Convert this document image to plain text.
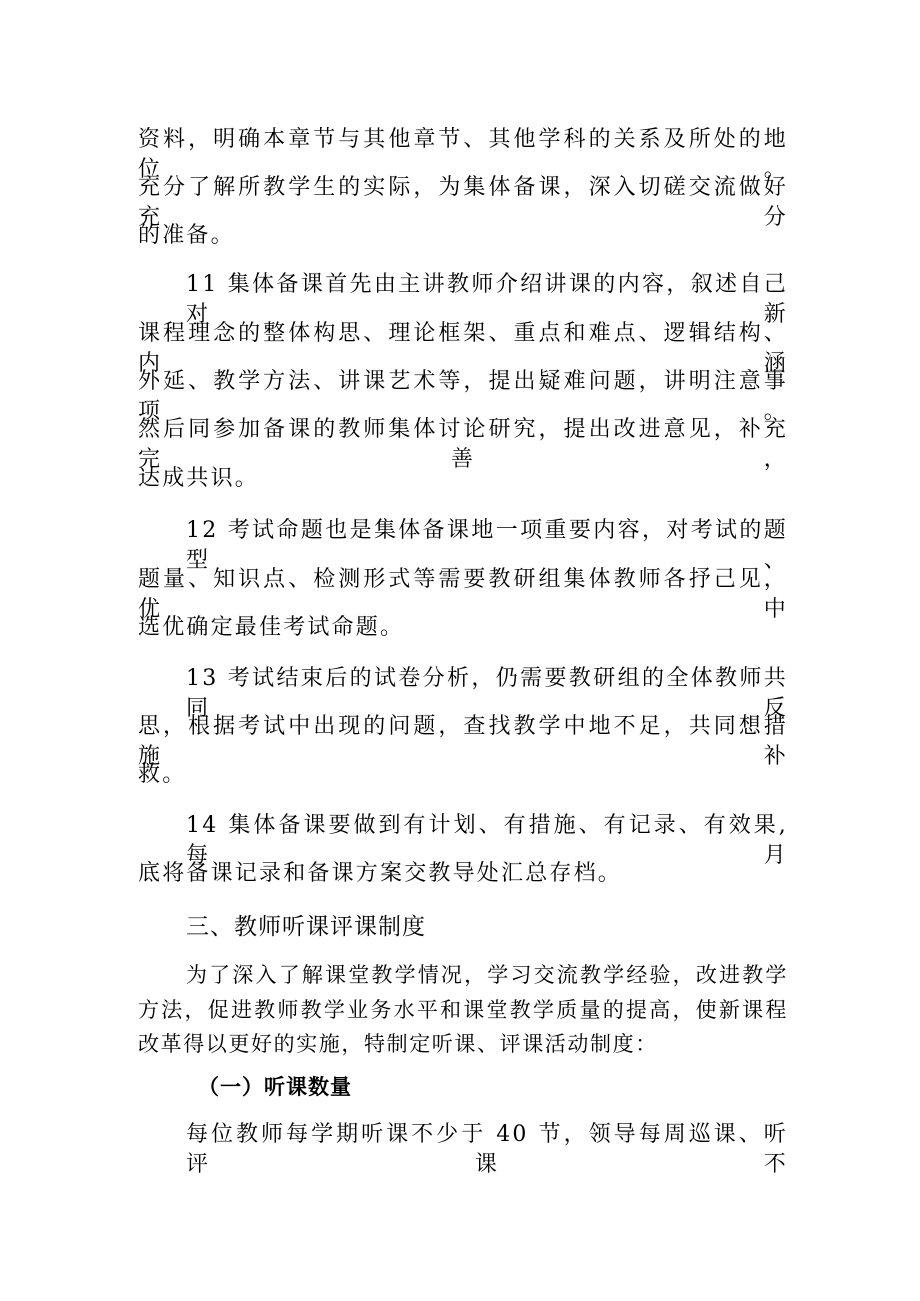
资料，明确本章节与其他章节、其他学科的关系及所处的地位。
充分了解所教学生的实际，为集体备课，深入切磋交流做好充分
的准备。
11 集体备课首先由主讲教师介绍讲课的内容，叙述自己对新
课程理念的整体构思、理论框架、重点和难点、逻辑结构、内涵
外延、教学方法、讲课艺术等，提出疑难问题，讲明注意事项。
然后同参加备课的教师集体讨论研究，提出改进意见，补充完善，
达成共识。
12 考试命题也是集体备课地一项重要内容，对考试的题型、
题量、知识点、检测形式等需要教研组集体教师各抒己见，优中
选优确定最佳考试命题。
13 考试结束后的试卷分析，仍需要教研组的全体教师共同反
思，根据考试中出现的问题，查找教学中地不足，共同想措施补
救。
14 集体备课要做到有计划、有措施、有记录、有效果,每月
底将备课记录和备课方案交教导处汇总存档。
三、教师听课评课制度
为了深入了解课堂教学情况，学习交流教学经验，改进教学
方法，促进教师教学业务水平和课堂教学质量的提高，使新课程
改革得以更好的实施，特制定听课、评课活动制度：
（一）听课数量
每位教师每学期听课不少于 40 节，领导每周巡课、听评课不
